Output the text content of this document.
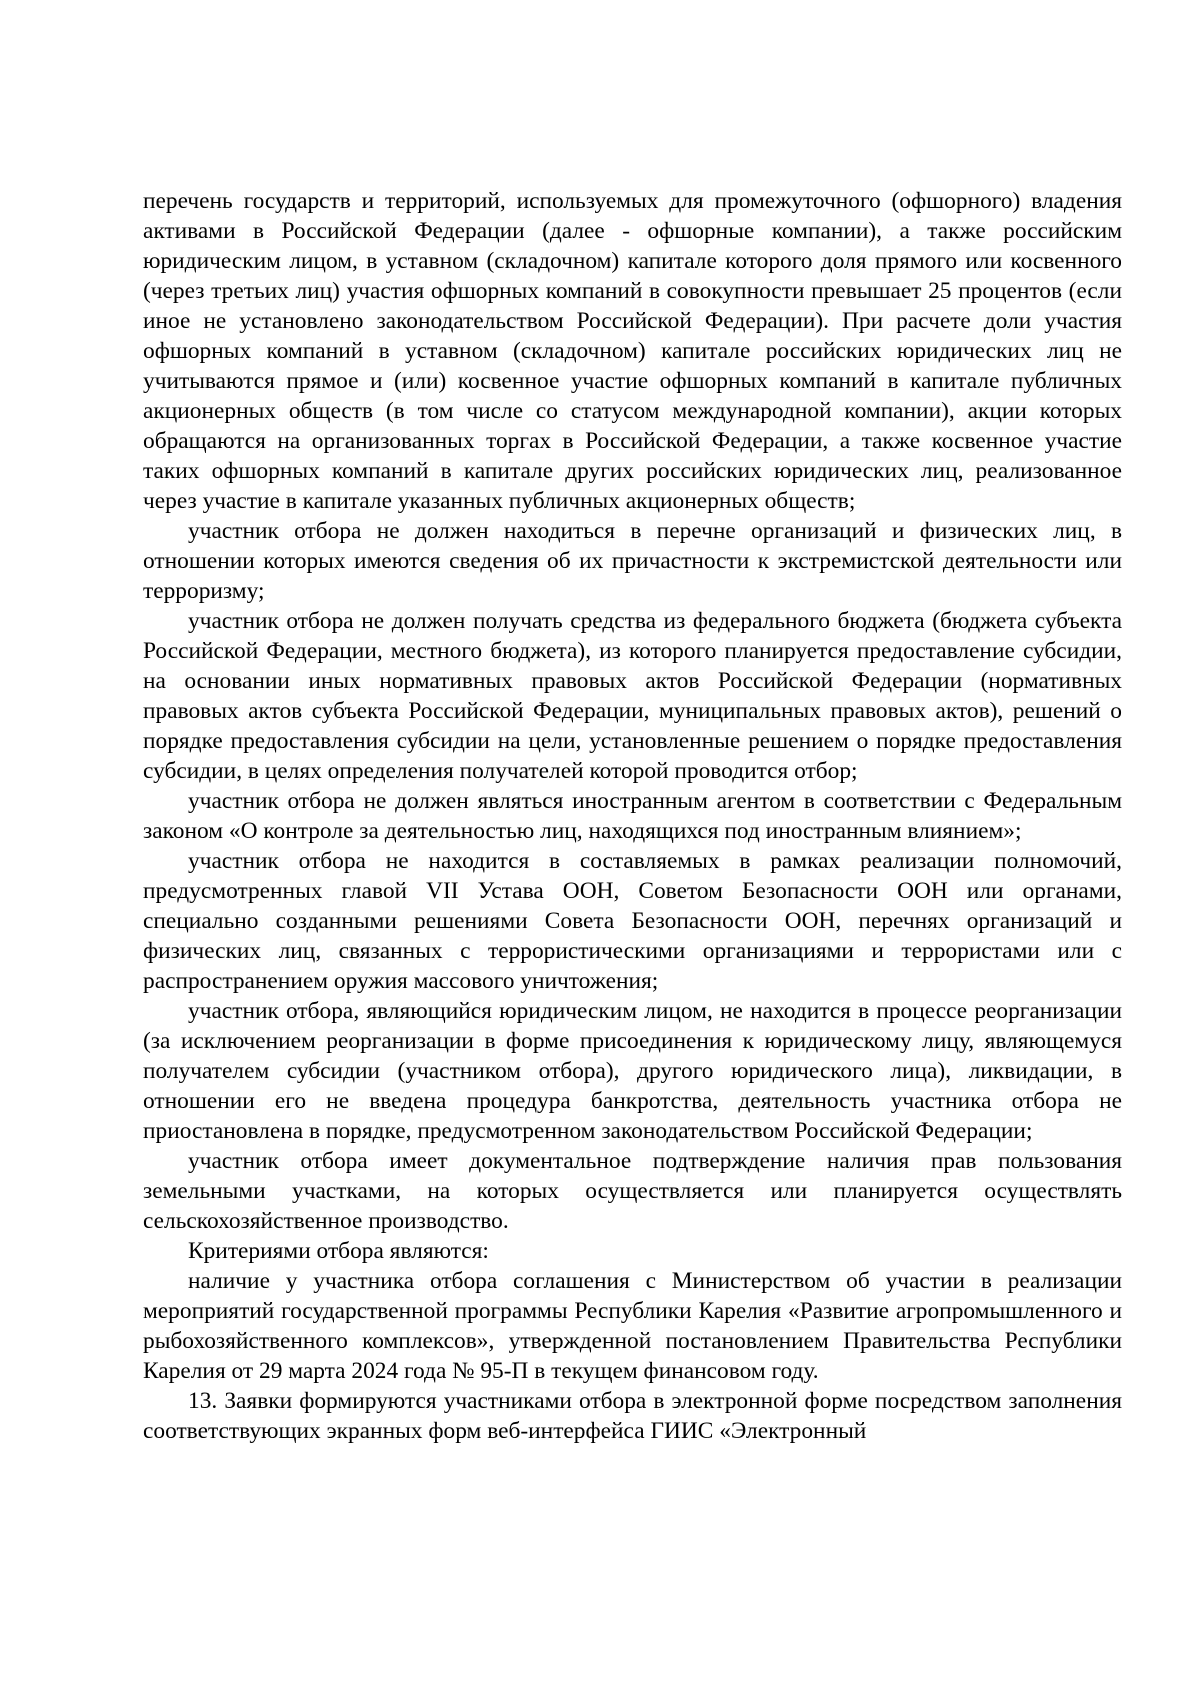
перечень государств и территорий, используемых для промежуточного (офшорного) владения активами в Российской Федерации (далее - офшорные компании), а также российским юридическим лицом, в уставном (складочном) капитале которого доля прямого или косвенного (через третьих лиц) участия офшорных компаний в совокупности превышает 25 процентов (если иное не установлено законодательством Российской Федерации). При расчете доли участия офшорных компаний в уставном (складочном) капитале российских юридических лиц не учитываются прямое и (или) косвенное участие офшорных компаний в капитале публичных акционерных обществ (в том числе со статусом международной компании), акции которых обращаются на организованных торгах в Российской Федерации, а также косвенное участие таких офшорных компаний в капитале других российских юридических лиц, реализованное через участие в капитале указанных публичных акционерных обществ;

участник отбора не должен находиться в перечне организаций и физических лиц, в отношении которых имеются сведения об их причастности к экстремистской деятельности или терроризму;

участник отбора не должен получать средства из федерального бюджета (бюджета субъекта Российской Федерации, местного бюджета), из которого планируется предоставление субсидии, на основании иных нормативных правовых актов Российской Федерации (нормативных правовых актов субъекта Российской Федерации, муниципальных правовых актов), решений о порядке предоставления субсидии на цели, установленные решением о порядке предоставления субсидии, в целях определения получателей которой проводится отбор;

участник отбора не должен являться иностранным агентом в соответствии с Федеральным законом «О контроле за деятельностью лиц, находящихся под иностранным влиянием»;

участник отбора не находится в составляемых в рамках реализации полномочий, предусмотренных главой VII Устава ООН, Советом Безопасности ООН или органами, специально созданными решениями Совета Безопасности ООН, перечнях организаций и физических лиц, связанных с террористическими организациями и террористами или с распространением оружия массового уничтожения;

участник отбора, являющийся юридическим лицом, не находится в процессе реорганизации (за исключением реорганизации в форме присоединения к юридическому лицу, являющемуся получателем субсидии (участником отбора), другого юридического лица), ликвидации, в отношении его не введена процедура банкротства, деятельность участника отбора не приостановлена в порядке, предусмотренном законодательством Российской Федерации;

участник отбора имеет документальное подтверждение наличия прав пользования земельными участками, на которых осуществляется или планируется осуществлять сельскохозяйственное производство.

Критериями отбора являются:

наличие у участника отбора соглашения с Министерством об участии в реализации мероприятий государственной программы Республики Карелия «Развитие агропромышленного и рыбохозяйственного комплексов», утвержденной постановлением Правительства Республики Карелия от 29 марта 2024 года № 95-П в текущем финансовом году.

13. Заявки формируются участниками отбора в электронной форме посредством заполнения соответствующих экранных форм веб-интерфейса ГИИС «Электронный
